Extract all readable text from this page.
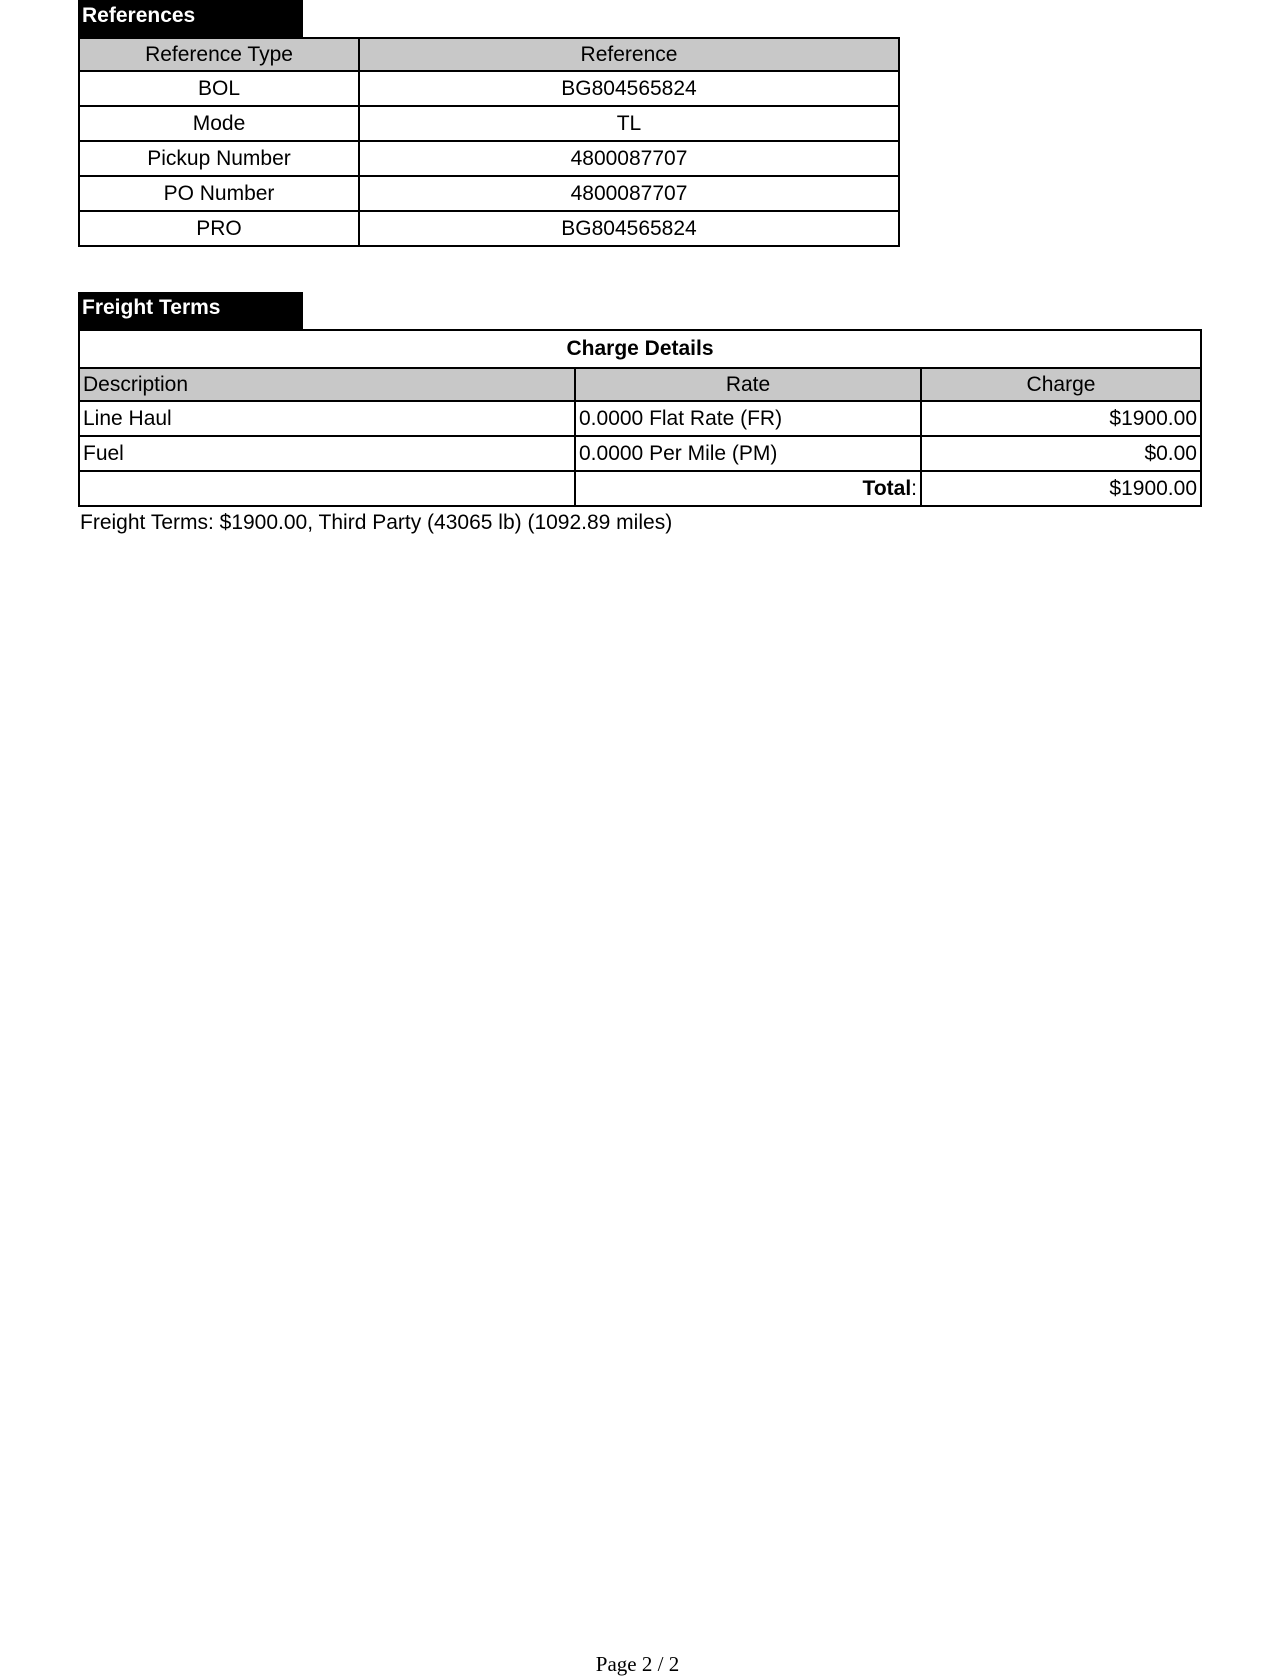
References
Reference Type	Reference
BOL	BG804565824
Mode	TL
Pickup Number	4800087707
PO Number	4800087707
PRO	BG804565824
Freight Terms
Charge Details		
Description	Rate	Charge
Line Haul	0.0000 Flat Rate (FR)	$1900.00
Fuel	0.0000 Per Mile (PM)	$0.00
	Total:	$1900.00
Freight Terms: $1900.00, Third Party (43065 lb) (1092.89 miles)
Page 2 / 2
